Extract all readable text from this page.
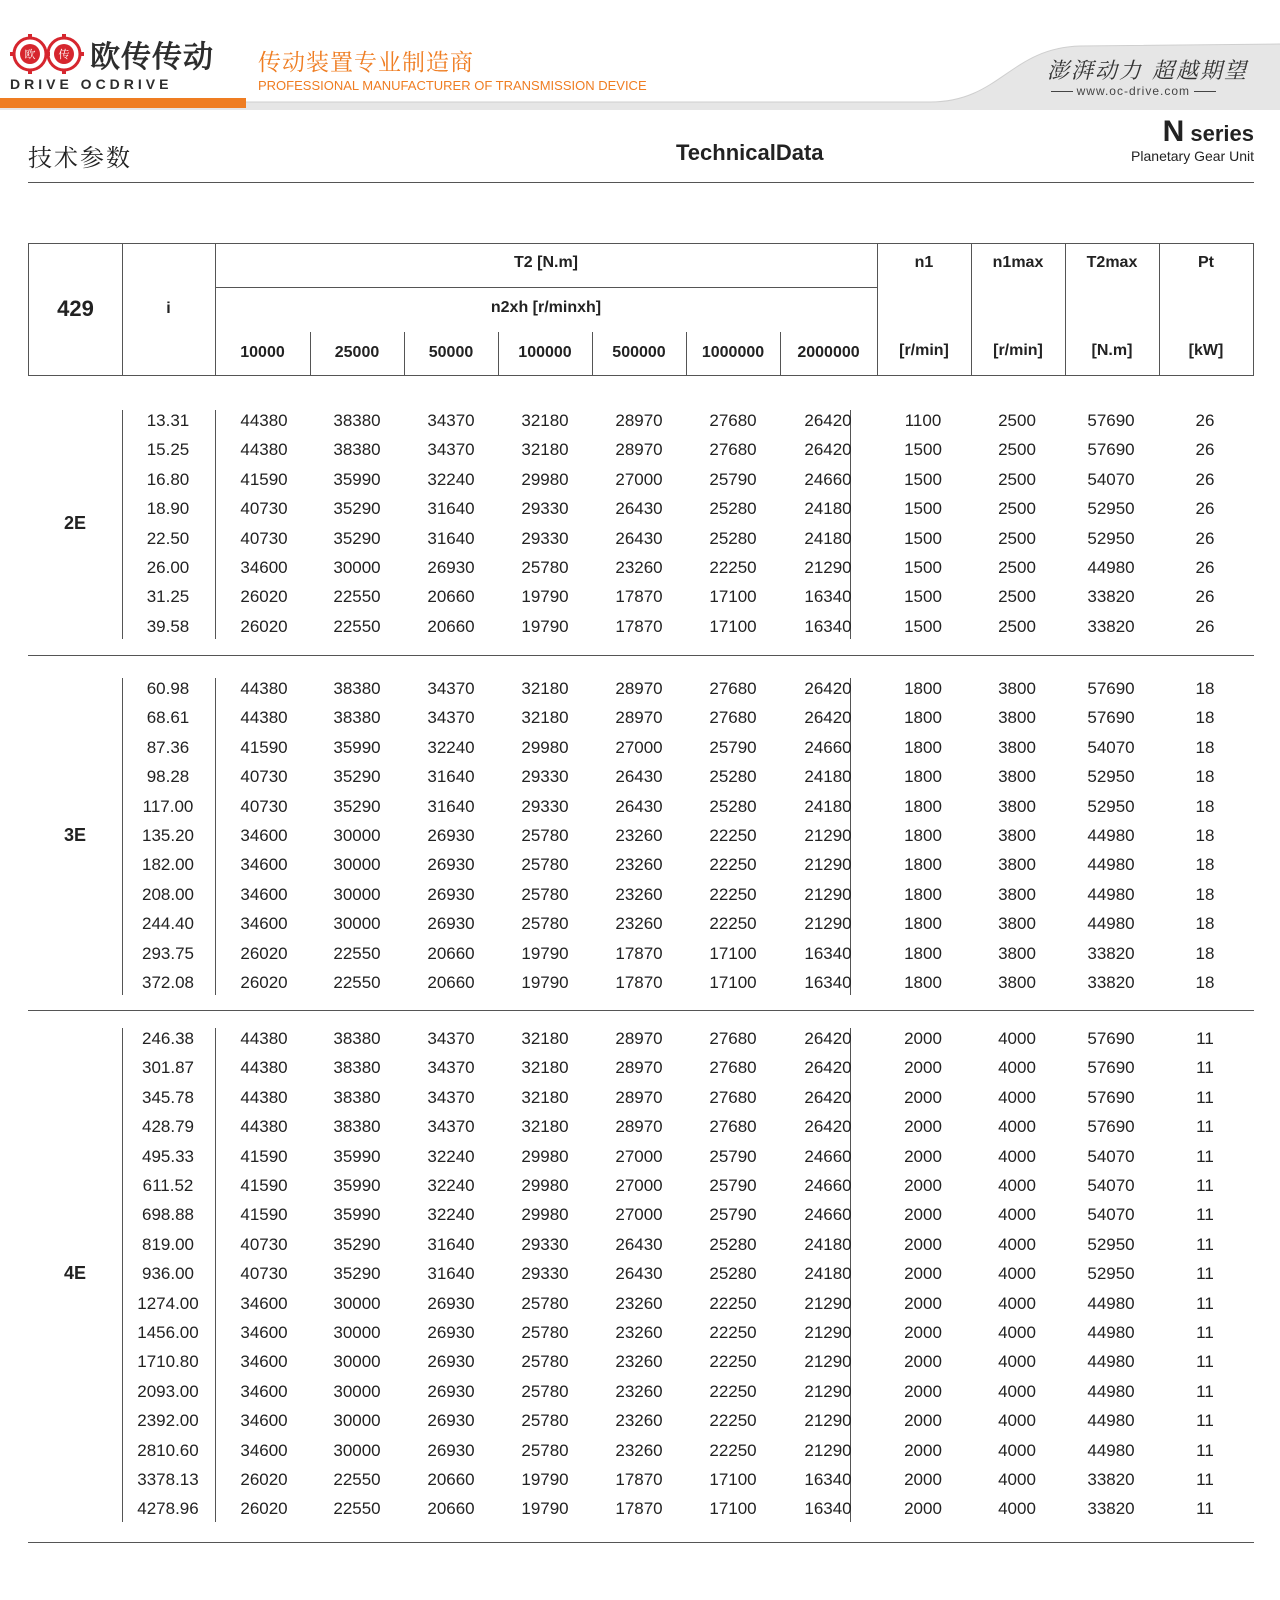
欧 传 欧传传动
DRIVE OCDRIVE
传动装置专业制造商
PROFESSIONAL MANUFACTURER OF TRANSMISSION DEVICE
澎湃动力 超越期望
www.oc-drive.com
技术参数	TechnicalData
N series
Planetary Gear Unit
429	i
T2 [N.m]
n2xh [r/minxh]
10000	25000	50000	100000	500000	1000000	2000000
n1	n1max	T2max	Pt
[r/min]	[r/min]	[N.m]	[kW]
2E
13.31	44380	38380	34370	32180	28970	27680	26420	1100	2500	57690	26
15.25	44380	38380	34370	32180	28970	27680	26420	1500	2500	57690	26
16.80	41590	35990	32240	29980	27000	25790	24660	1500	2500	54070	26
18.90	40730	35290	31640	29330	26430	25280	24180	1500	2500	52950	26
22.50	40730	35290	31640	29330	26430	25280	24180	1500	2500	52950	26
26.00	34600	30000	26930	25780	23260	22250	21290	1500	2500	44980	26
31.25	26020	22550	20660	19790	17870	17100	16340	1500	2500	33820	26
39.58	26020	22550	20660	19790	17870	17100	16340	1500	2500	33820	26
3E
60.98	44380	38380	34370	32180	28970	27680	26420	1800	3800	57690	18
68.61	44380	38380	34370	32180	28970	27680	26420	1800	3800	57690	18
87.36	41590	35990	32240	29980	27000	25790	24660	1800	3800	54070	18
98.28	40730	35290	31640	29330	26430	25280	24180	1800	3800	52950	18
117.00	40730	35290	31640	29330	26430	25280	24180	1800	3800	52950	18
135.20	34600	30000	26930	25780	23260	22250	21290	1800	3800	44980	18
182.00	34600	30000	26930	25780	23260	22250	21290	1800	3800	44980	18
208.00	34600	30000	26930	25780	23260	22250	21290	1800	3800	44980	18
244.40	34600	30000	26930	25780	23260	22250	21290	1800	3800	44980	18
293.75	26020	22550	20660	19790	17870	17100	16340	1800	3800	33820	18
372.08	26020	22550	20660	19790	17870	17100	16340	1800	3800	33820	18
4E
246.38	44380	38380	34370	32180	28970	27680	26420	2000	4000	57690	11
301.87	44380	38380	34370	32180	28970	27680	26420	2000	4000	57690	11
345.78	44380	38380	34370	32180	28970	27680	26420	2000	4000	57690	11
428.79	44380	38380	34370	32180	28970	27680	26420	2000	4000	57690	11
495.33	41590	35990	32240	29980	27000	25790	24660	2000	4000	54070	11
611.52	41590	35990	32240	29980	27000	25790	24660	2000	4000	54070	11
698.88	41590	35990	32240	29980	27000	25790	24660	2000	4000	54070	11
819.00	40730	35290	31640	29330	26430	25280	24180	2000	4000	52950	11
936.00	40730	35290	31640	29330	26430	25280	24180	2000	4000	52950	11
1274.00	34600	30000	26930	25780	23260	22250	21290	2000	4000	44980	11
1456.00	34600	30000	26930	25780	23260	22250	21290	2000	4000	44980	11
1710.80	34600	30000	26930	25780	23260	22250	21290	2000	4000	44980	11
2093.00	34600	30000	26930	25780	23260	22250	21290	2000	4000	44980	11
2392.00	34600	30000	26930	25780	23260	22250	21290	2000	4000	44980	11
2810.60	34600	30000	26930	25780	23260	22250	21290	2000	4000	44980	11
3378.13	26020	22550	20660	19790	17870	17100	16340	2000	4000	33820	11
4278.96	26020	22550	20660	19790	17870	17100	16340	2000	4000	33820	11
